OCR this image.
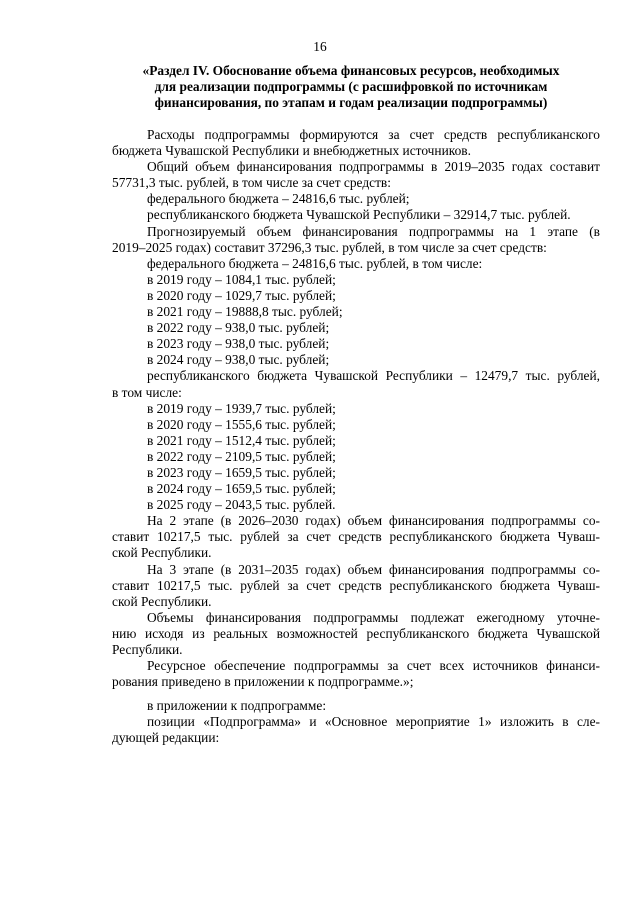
16
«Раздел IV. Обоснование объема финансовых ресурсов, необходимых
для реализации подпрограммы (с расшифровкой по источникам
финансирования, по этапам и годам реализации подпрограммы)
Расходы подпрограммы формируются за счет средств республиканского
бюджета Чувашской Республики и внебюджетных источников.
Общий объем финансирования подпрограммы в 2019–2035 годах составит
57731,3 тыс. рублей, в том числе за счет средств:
федерального бюджета – 24816,6 тыс. рублей;
республиканского бюджета Чувашской Республики – 32914,7 тыс. рублей.
Прогнозируемый объем финансирования подпрограммы на 1 этапе (в
2019–2025 годах) составит 37296,3 тыс. рублей, в том числе за счет средств:
федерального бюджета – 24816,6 тыс. рублей, в том числе:
в 2019 году – 1084,1 тыс. рублей;
в 2020 году – 1029,7 тыс. рублей;
в 2021 году – 19888,8 тыс. рублей;
в 2022 году – 938,0 тыс. рублей;
в 2023 году – 938,0 тыс. рублей;
в 2024 году – 938,0 тыс. рублей;
республиканского бюджета Чувашской Республики – 12479,7 тыс. рублей,
в том числе:
в 2019 году – 1939,7 тыс. рублей;
в 2020 году – 1555,6 тыс. рублей;
в 2021 году – 1512,4 тыс. рублей;
в 2022 году – 2109,5 тыс. рублей;
в 2023 году – 1659,5 тыс. рублей;
в 2024 году – 1659,5 тыс. рублей;
в 2025 году – 2043,5 тыс. рублей.
На 2 этапе (в 2026–2030 годах) объем финансирования подпрограммы со-
ставит 10217,5 тыс. рублей за счет средств республиканского бюджета Чуваш-
ской Республики.
На 3 этапе (в 2031–2035 годах) объем финансирования подпрограммы со-
ставит 10217,5 тыс. рублей за счет средств республиканского бюджета Чуваш-
ской Республики.
Объемы финансирования подпрограммы подлежат ежегодному уточне-
нию исходя из реальных возможностей республиканского бюджета Чувашской
Республики.
Ресурсное обеспечение подпрограммы за счет всех источников финанси-
рования приведено в приложении к подпрограмме.»;
в приложении к подпрограмме:
позиции «Подпрограмма» и «Основное мероприятие 1» изложить в сле-
дующей редакции:
